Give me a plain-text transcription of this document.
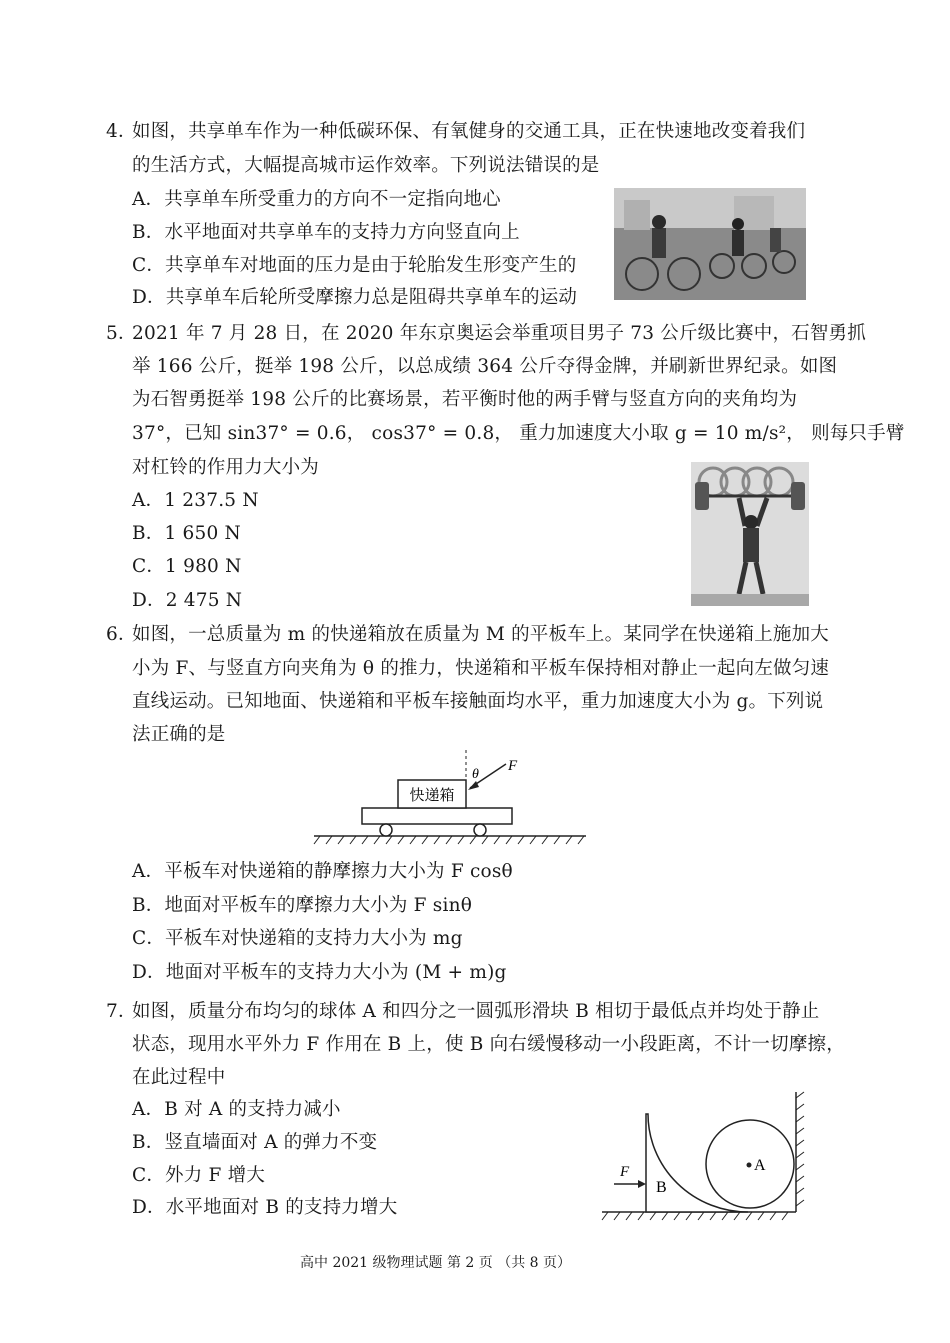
4．
如图，共享单车作为一种低碳环保、有氧健身的交通工具，正在快速地改变着我们
的生活方式，大幅提高城市运作效率。下列说法错误的是
A．共享单车所受重力的方向不一定指向地心
B．水平地面对共享单车的支持力方向竖直向上
C．共享单车对地面的压力是由于轮胎发生形变产生的
D．共享单车后轮所受摩擦力总是阻碍共享单车的运动
5．
2021 年 7 月 28 日，在 2020 年东京奥运会举重项目男子 73 公斤级比赛中，石智勇抓
举 166 公斤，挺举 198 公斤，以总成绩 364 公斤夺得金牌，并刷新世界纪录。如图
为石智勇挺举 198 公斤的比赛场景，若平衡时他的两手臂与竖直方向的夹角均为
37°，已知 sin37° = 0.6， cos37° = 0.8， 重力加速度大小取 g = 10 m/s²， 则每只手臂
对杠铃的作用力大小为
A．1 237.5 N
B．1 650 N
C．1 980 N
D．2 475 N
6．
如图，一总质量为 m 的快递箱放在质量为 M 的平板车上。某同学在快递箱上施加大
小为 F、与竖直方向夹角为 θ 的推力，快递箱和平板车保持相对静止一起向左做匀速
直线运动。已知地面、快递箱和平板车接触面均水平，重力加速度大小为 g。下列说
法正确的是
快递箱
F
θ
A．平板车对快递箱的静摩擦力大小为 F cosθ
B．地面对平板车的摩擦力大小为 F sinθ
C．平板车对快递箱的支持力大小为 mg
D．地面对平板车的支持力大小为 (M + m)g
7．
如图，质量分布均匀的球体 A 和四分之一圆弧形滑块 B 相切于最低点并均处于静止
状态，现用水平外力 F 作用在 B 上，使 B 向右缓慢移动一小段距离，不计一切摩擦，
在此过程中
A．B 对 A 的支持力减小
B．竖直墙面对 A 的弹力不变
C．外力 F 增大
D．水平地面对 B 的支持力增大
B
A
F
高中 2021 级物理试题 第 2 页 （共 8 页）
